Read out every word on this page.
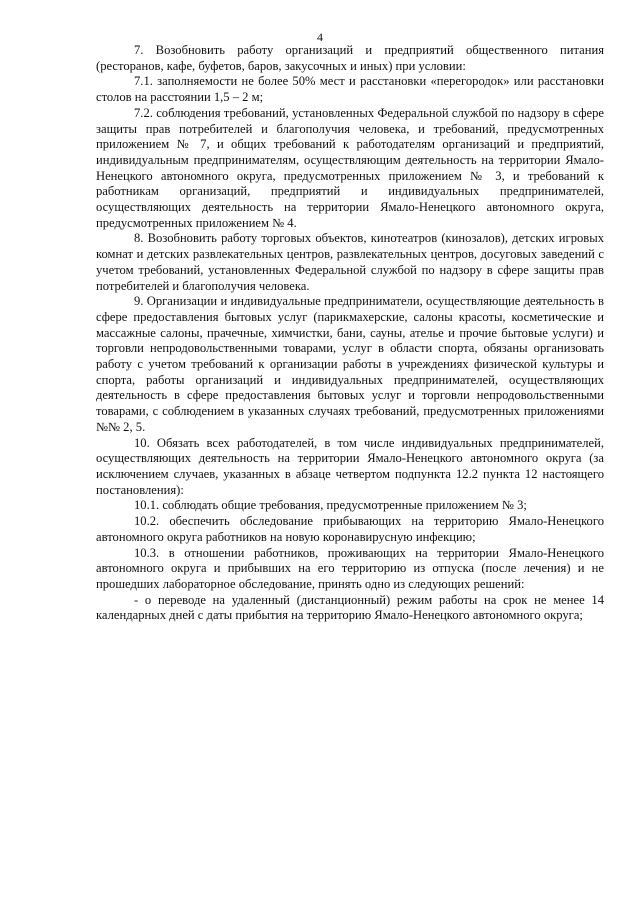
4

7. Возобновить работу организаций и предприятий общественного питания (ресторанов, кафе, буфетов, баров, закусочных и иных) при условии:

7.1. заполняемости не более 50% мест и расстановки «перегородок» или расстановки столов на расстоянии 1,5 – 2 м;

7.2. соблюдения требований, установленных Федеральной службой по надзору в сфере защиты прав потребителей и благополучия человека, и требований, предусмотренных приложением № 7, и общих требований к работодателям организаций и предприятий, индивидуальным предпринимателям, осуществляющим деятельность на территории Ямало-Ненецкого автономного округа, предусмотренных приложением № 3, и требований к работникам организаций, предприятий и индивидуальных предпринимателей, осуществляющих деятельность на территории Ямало-Ненецкого автономного округа, предусмотренных приложением № 4.

8. Возобновить работу торговых объектов, кинотеатров (кинозалов), детских игровых комнат и детских развлекательных центров, развлекательных центров, досуговых заведений с учетом требований, установленных Федеральной службой по надзору в сфере защиты прав потребителей и благополучия человека.

9. Организации и индивидуальные предприниматели, осуществляющие деятельность в сфере предоставления бытовых услуг (парикмахерские, салоны красоты, косметические и массажные салоны, прачечные, химчистки, бани, сауны, ателье и прочие бытовые услуги) и торговли непродовольственными товарами, услуг в области спорта, обязаны организовать работу с учетом требований к организации работы в учреждениях физической культуры и спорта, работы организаций и индивидуальных предпринимателей, осуществляющих деятельность в сфере предоставления бытовых услуг и торговли непродовольственными товарами, с соблюдением в указанных случаях требований, предусмотренных приложениями №№ 2, 5.

10. Обязать всех работодателей, в том числе индивидуальных предпринимателей, осуществляющих деятельность на территории Ямало-Ненецкого автономного округа (за исключением случаев, указанных в абзаце четвертом подпункта 12.2 пункта 12 настоящего постановления):

10.1. соблюдать общие требования, предусмотренные приложением № 3;

10.2. обеспечить обследование прибывающих на территорию Ямало-Ненецкого автономного округа работников на новую коронавирусную инфекцию;

10.3. в отношении работников, проживающих на территории Ямало-Ненецкого автономного округа и прибывших на его территорию из отпуска (после лечения) и не прошедших лабораторное обследование, принять одно из следующих решений:

- о переводе на удаленный (дистанционный) режим работы на срок не менее 14 календарных дней с даты прибытия на территорию Ямало-Ненецкого автономного округа;
